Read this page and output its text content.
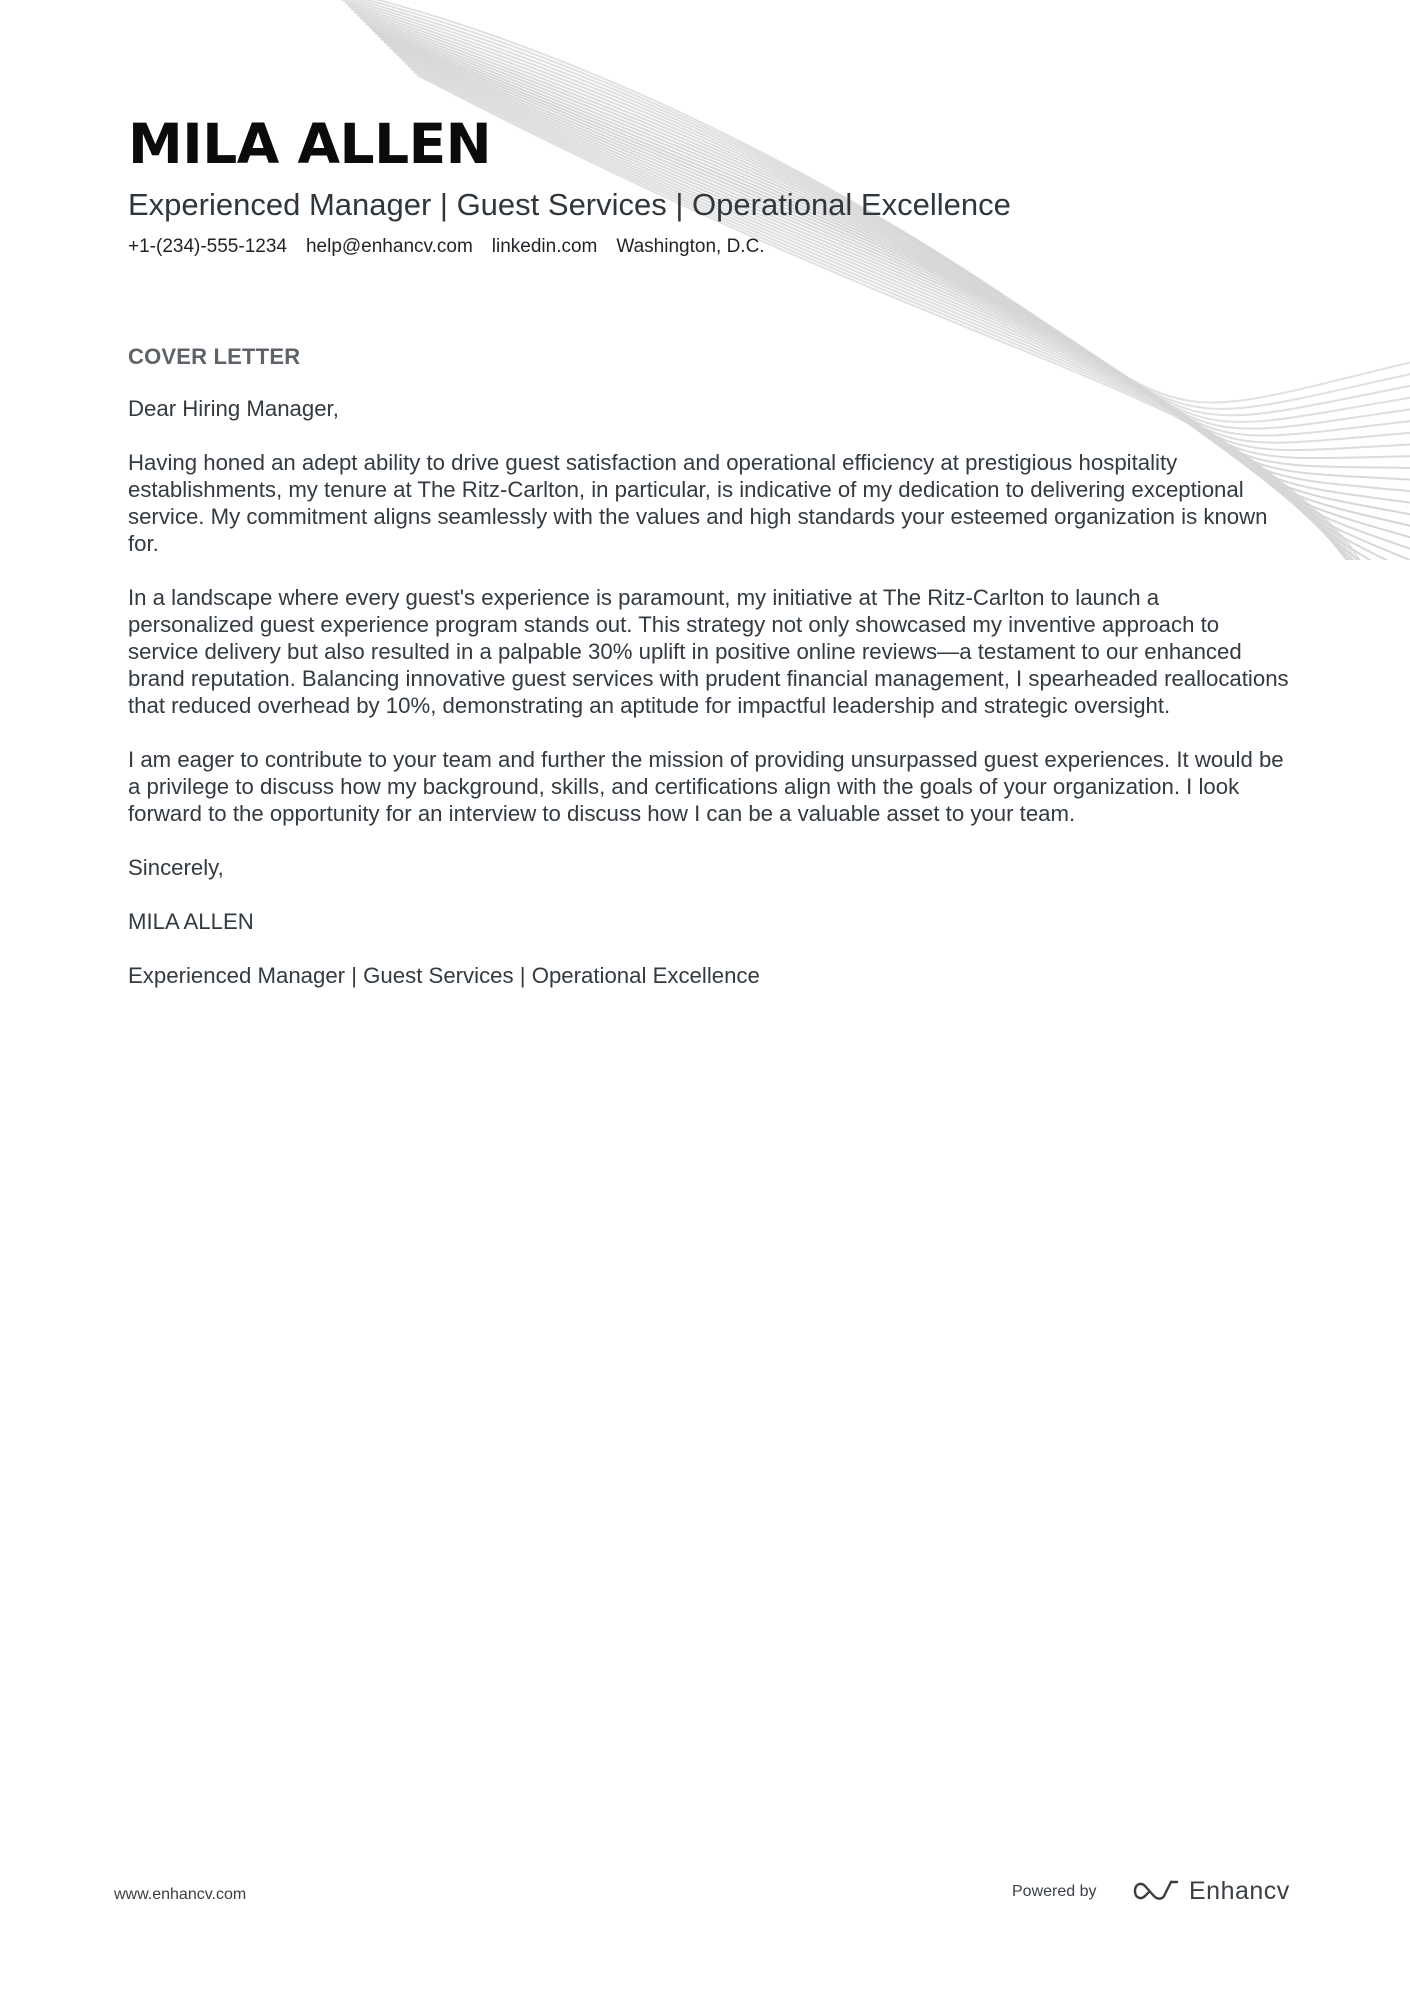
MILA ALLEN
Experienced Manager | Guest Services | Operational Excellence
+1-(234)-555-1234 help@enhancv.com linkedin.com Washington, D.C.
COVER LETTER

Dear Hiring Manager,

Having honed an adept ability to drive guest satisfaction and operational efficiency at prestigious hospitality establishments, my tenure at The Ritz-Carlton, in particular, is indicative of my dedication to delivering exceptional service. My commitment aligns seamlessly with the values and high standards your esteemed organization is known for.

In a landscape where every guest's experience is paramount, my initiative at The Ritz-Carlton to launch a personalized guest experience program stands out. This strategy not only showcased my inventive approach to service delivery but also resulted in a palpable 30% uplift in positive online reviews—a testament to our enhanced brand reputation. Balancing innovative guest services with prudent financial management, I spearheaded reallocations that reduced overhead by 10%, demonstrating an aptitude for impactful leadership and strategic oversight.

I am eager to contribute to your team and further the mission of providing unsurpassed guest experiences. It would be a privilege to discuss how my background, skills, and certifications align with the goals of your organization. I look forward to the opportunity for an interview to discuss how I can be a valuable asset to your team.

Sincerely,

MILA ALLEN

Experienced Manager | Guest Services | Operational Excellence

www.enhancv.com	Powered by	Enhancv
